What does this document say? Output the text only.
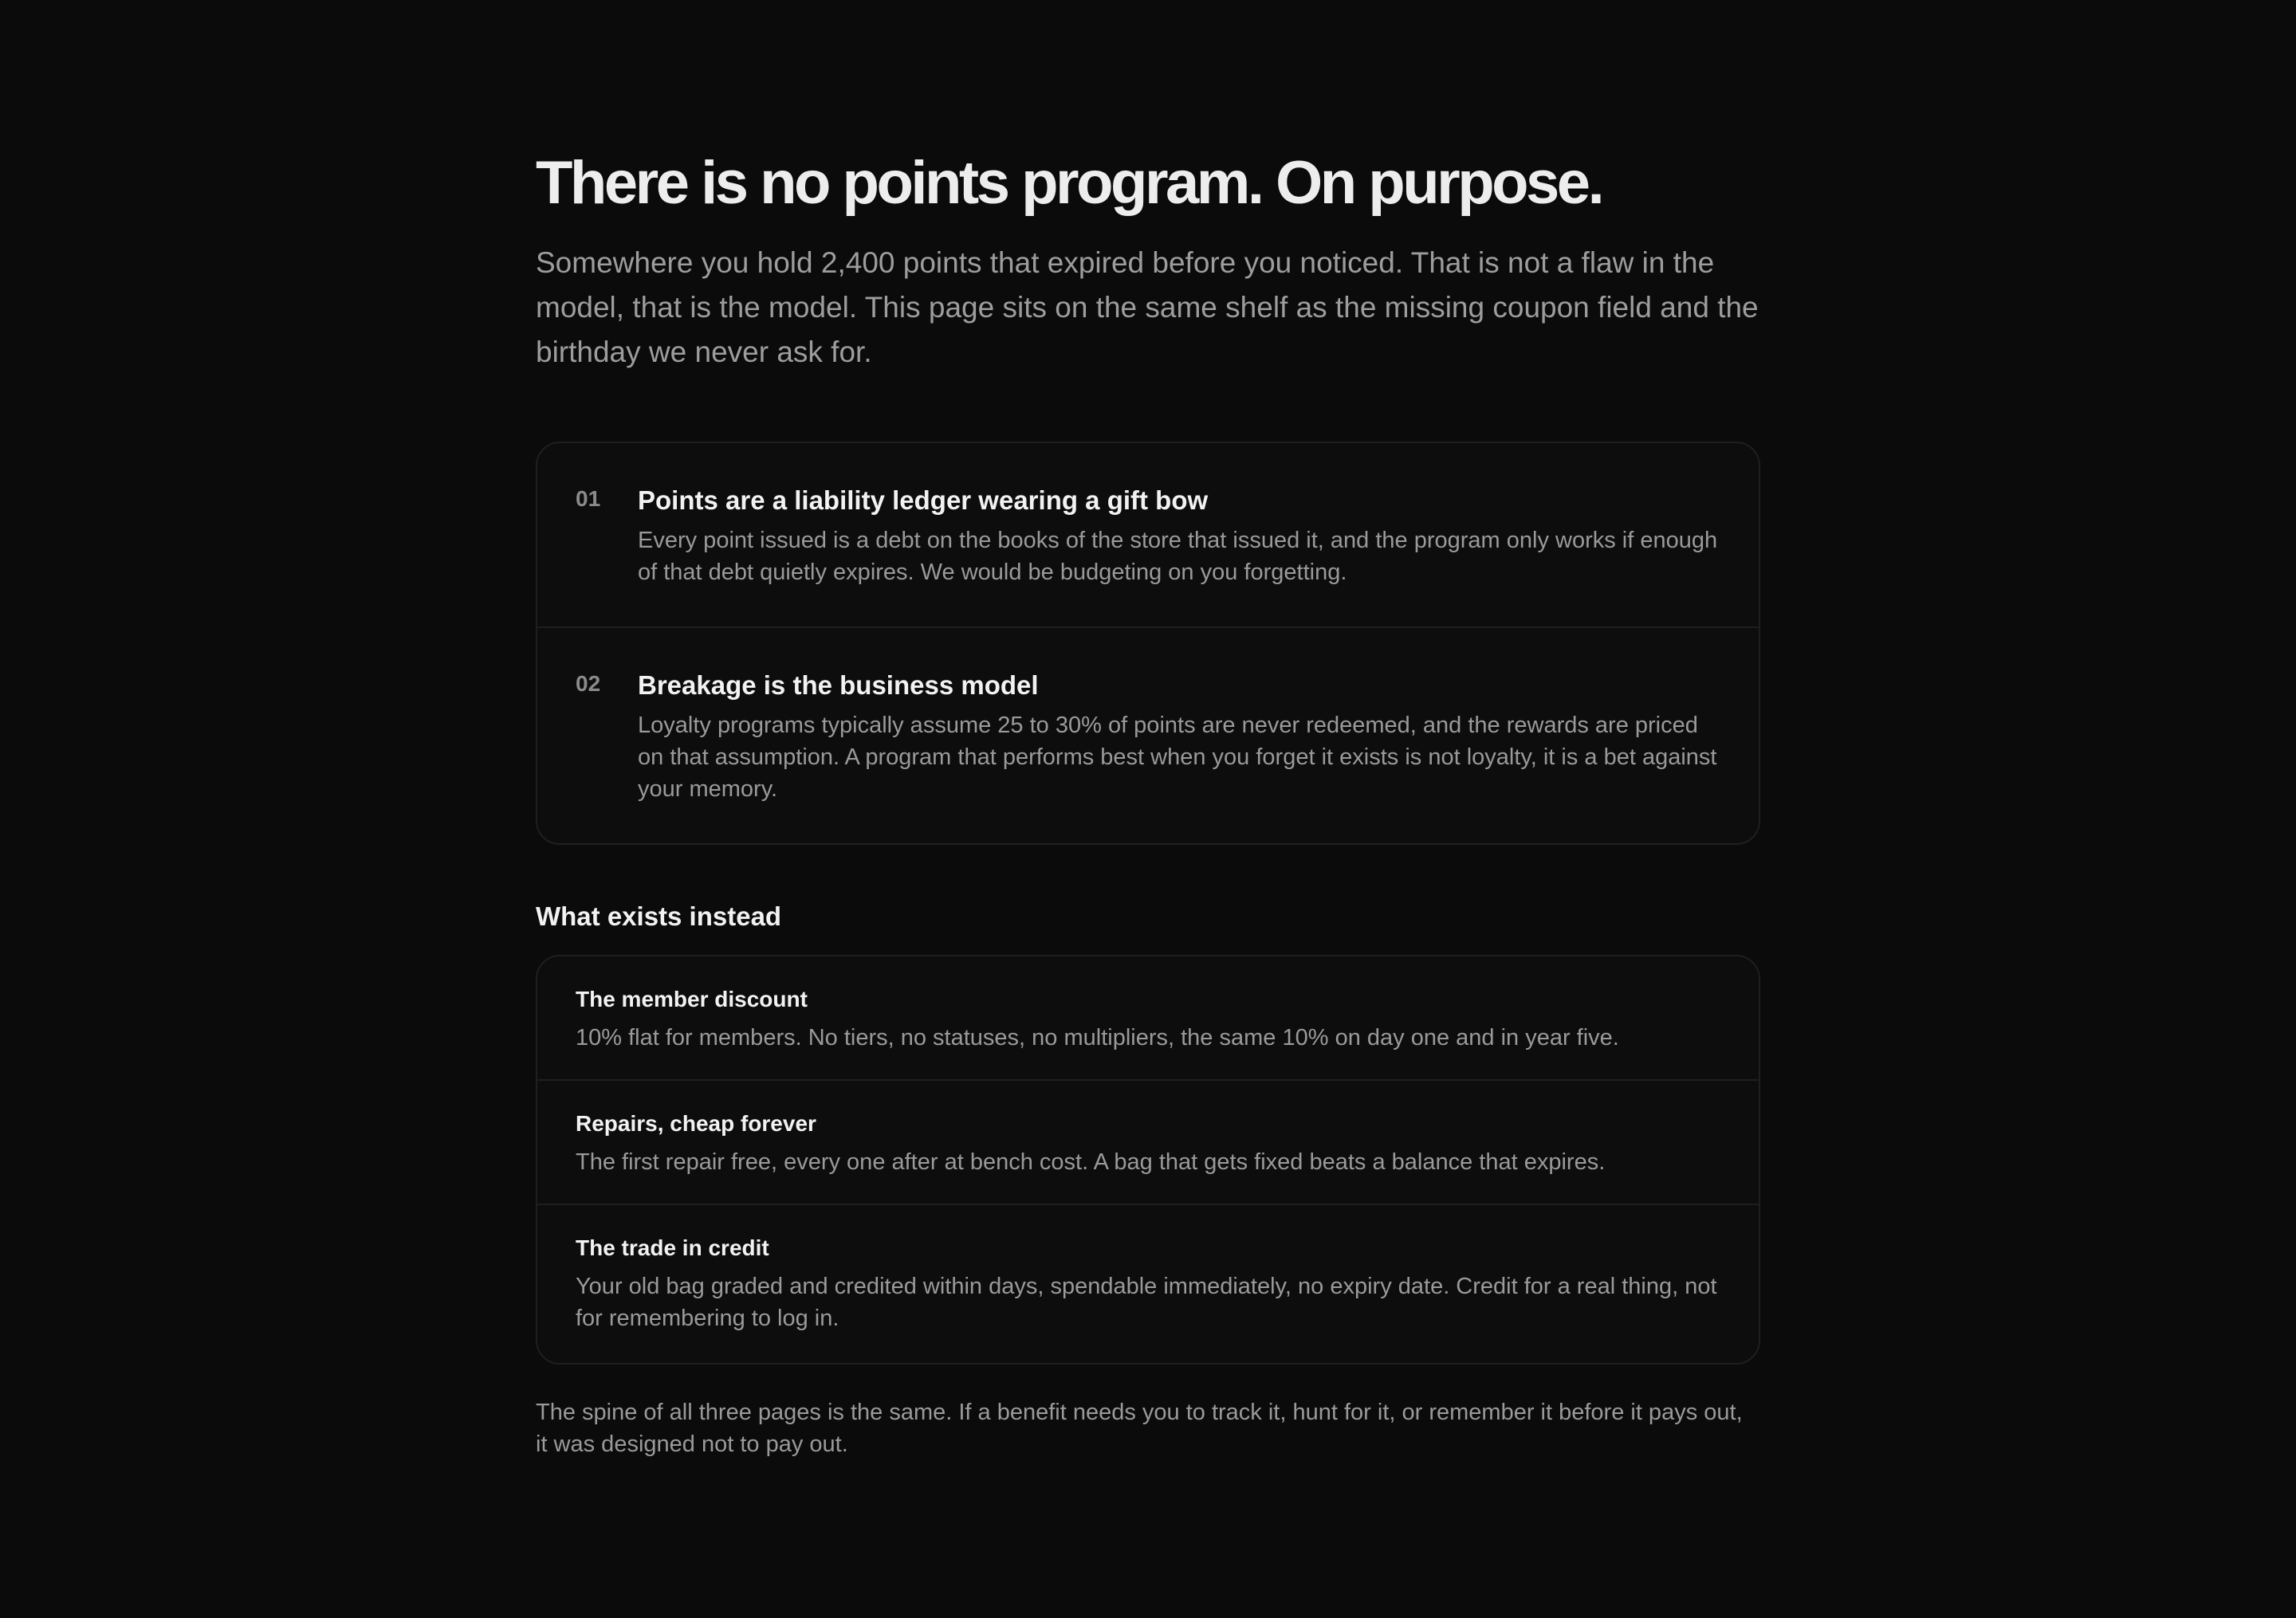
There is no points program. On purpose.

Somewhere you hold 2,400 points that expired before you noticed. That is not a flaw in the model, that is the model. This page sits on the same shelf as the missing coupon field and the birthday we never ask for.

01	Points are a liability ledger wearing a gift bow

Every point issued is a debt on the books of the store that issued it, and the program only works if enough of that debt quietly expires. We would be budgeting on you forgetting.

02	Breakage is the business model

Loyalty programs typically assume 25 to 30% of points are never redeemed, and the rewards are priced on that assumption. A program that performs best when you forget it exists is not loyalty, it is a bet against your memory.

What exists instead
The member discount

10% flat for members. No tiers, no statuses, no multipliers, the same 10% on day one and in year five.

Repairs, cheap forever

The first repair free, every one after at bench cost. A bag that gets fixed beats a balance that expires.

The trade in credit

Your old bag graded and credited within days, spendable immediately, no expiry date. Credit for a real thing, not for remembering to log in.

The spine of all three pages is the same. If a benefit needs you to track it, hunt for it, or remember it before it pays out, it was designed not to pay out.
